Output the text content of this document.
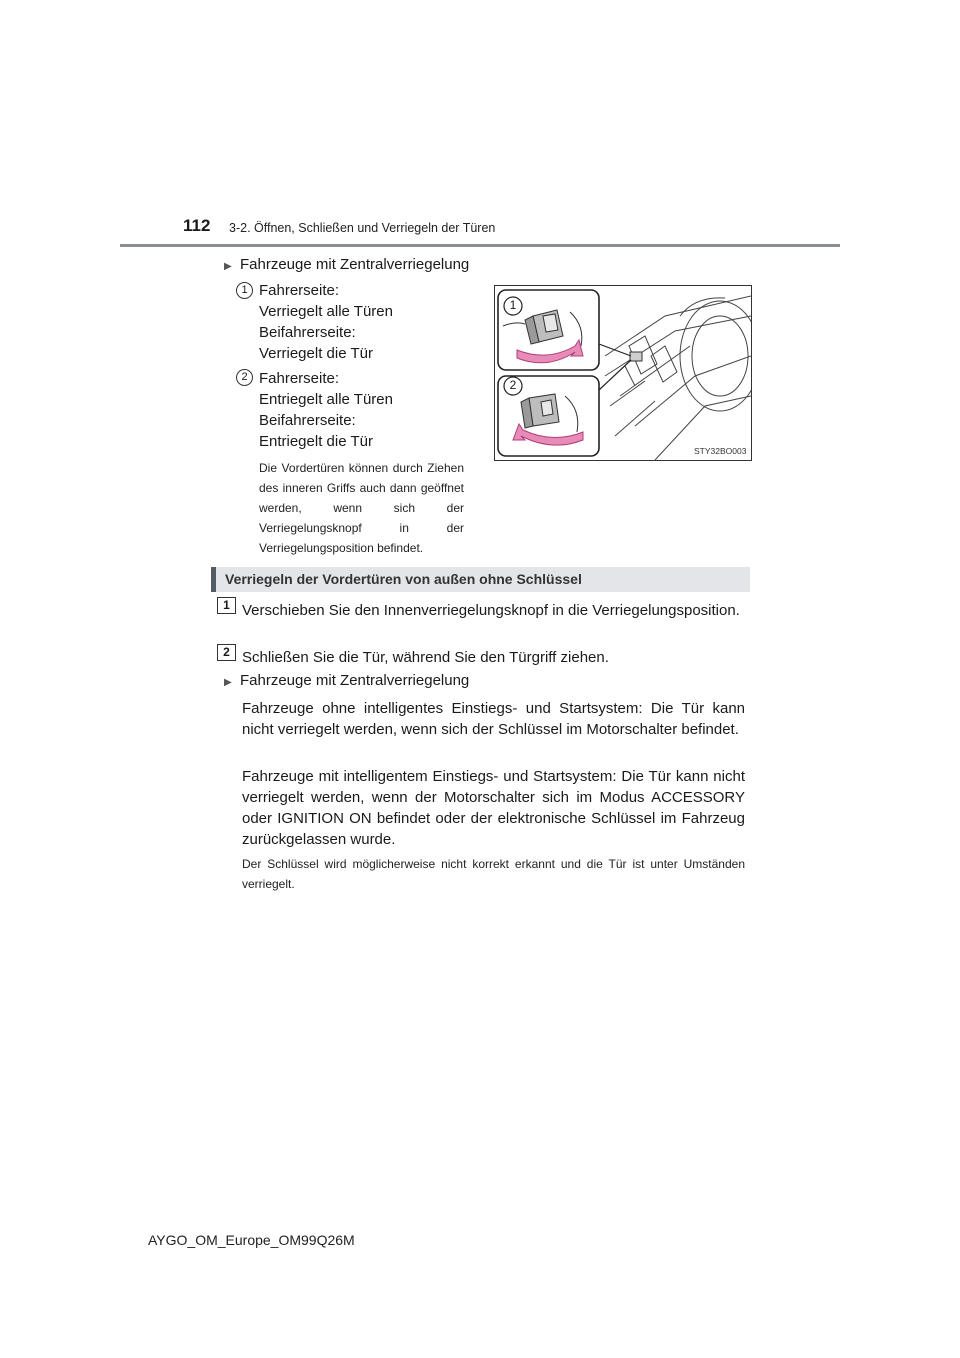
112 3-2. Öffnen, Schließen und Verriegeln der Türen
▶ Fahrzeuge mit Zentralverriegelung
1 Fahrerseite:
Verriegelt alle Türen
Beifahrerseite:
Verriegelt die Tür
2 Fahrerseite:
Entriegelt alle Türen
Beifahrerseite:
Entriegelt die Tür
Die Vordertüren können durch Ziehen des inneren Griffs auch dann geöffnet werden, wenn sich der Verriegelungsknopf in der Verriegelungsposition befindet.
1
2
STY32BO003
Verriegeln der Vordertüren von außen ohne Schlüssel
1 Verschieben Sie den Innenverriegelungsknopf in die Verriegelungsposition.
2 Schließen Sie die Tür, während Sie den Türgriff ziehen.
▶ Fahrzeuge mit Zentralverriegelung
Fahrzeuge ohne intelligentes Einstiegs- und Startsystem: Die Tür kann nicht verriegelt werden, wenn sich der Schlüssel im Motorschalter befindet.
Fahrzeuge mit intelligentem Einstiegs- und Startsystem: Die Tür kann nicht verriegelt werden, wenn der Motorschalter sich im Modus ACCESSORY oder IGNITION ON befindet oder der elektronische Schlüssel im Fahrzeug zurückgelassen wurde.
Der Schlüssel wird möglicherweise nicht korrekt erkannt und die Tür ist unter Umständen verriegelt.
AYGO_OM_Europe_OM99Q26M
